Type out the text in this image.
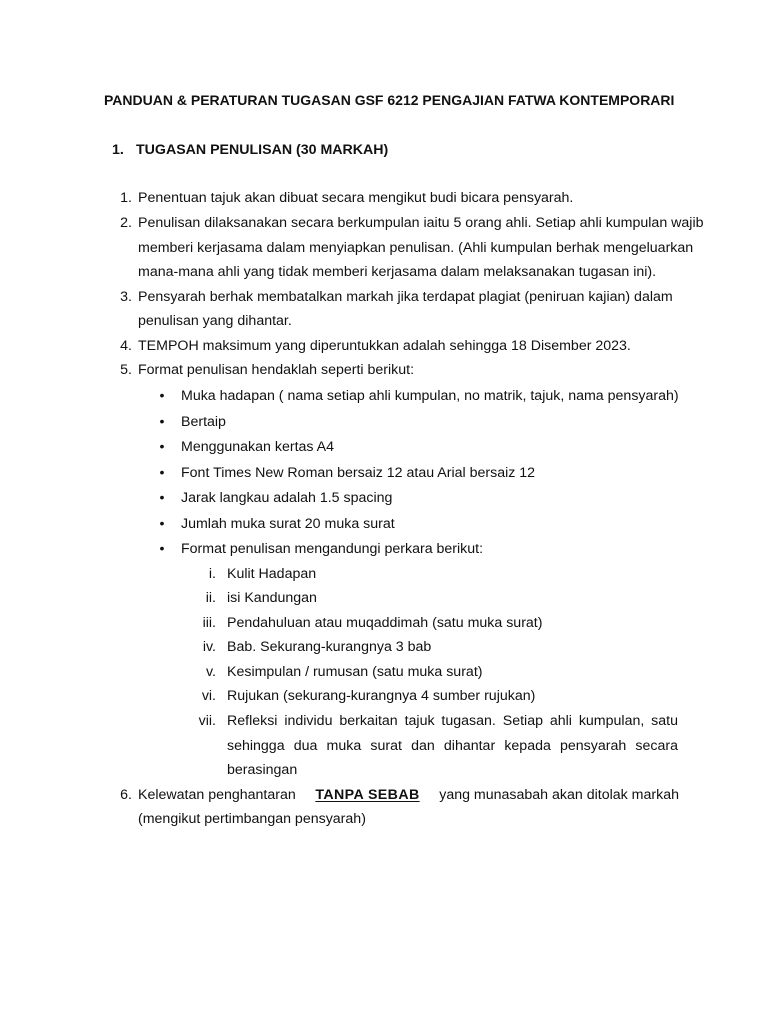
PANDUAN & PERATURAN TUGASAN GSF 6212 PENGAJIAN FATWA KONTEMPORARI
1. TUGASAN PENULISAN (30 MARKAH)
1. Penentuan tajuk akan dibuat secara mengikut budi bicara pensyarah.
2. Penulisan dilaksanakan secara berkumpulan iaitu 5 orang ahli. Setiap ahli kumpulan wajib
memberi kerjasama dalam menyiapkan penulisan. (Ahli kumpulan berhak mengeluarkan
mana-mana ahli yang tidak memberi kerjasama dalam melaksanakan tugasan ini).
3. Pensyarah berhak membatalkan markah jika terdapat plagiat (peniruan kajian) dalam
penulisan yang dihantar.
4. TEMPOH maksimum yang diperuntukkan adalah sehingga 18 Disember 2023.
5. Format penulisan hendaklah seperti berikut:
• Muka hadapan ( nama setiap ahli kumpulan, no matrik, tajuk, nama pensyarah)
• Bertaip
• Menggunakan kertas A4
• Font Times New Roman bersaiz 12 atau Arial bersaiz 12
• Jarak langkau adalah 1.5 spacing
• Jumlah muka surat 20 muka surat
• Format penulisan mengandungi perkara berikut:
i. Kulit Hadapan
ii. isi Kandungan
iii. Pendahuluan atau muqaddimah (satu muka surat)
iv. Bab. Sekurang-kurangnya 3 bab
v. Kesimpulan / rumusan (satu muka surat)
vi. Rujukan (sekurang-kurangnya 4 sumber rujukan)
vii. Refleksi individu berkaitan tajuk tugasan. Setiap ahli kumpulan, satu
sehingga dua muka surat dan dihantar kepada pensyarah secara
berasingan
6. Kelewatan penghantaran TANPA SEBAB yang munasabah akan ditolak markah
(mengikut pertimbangan pensyarah)
